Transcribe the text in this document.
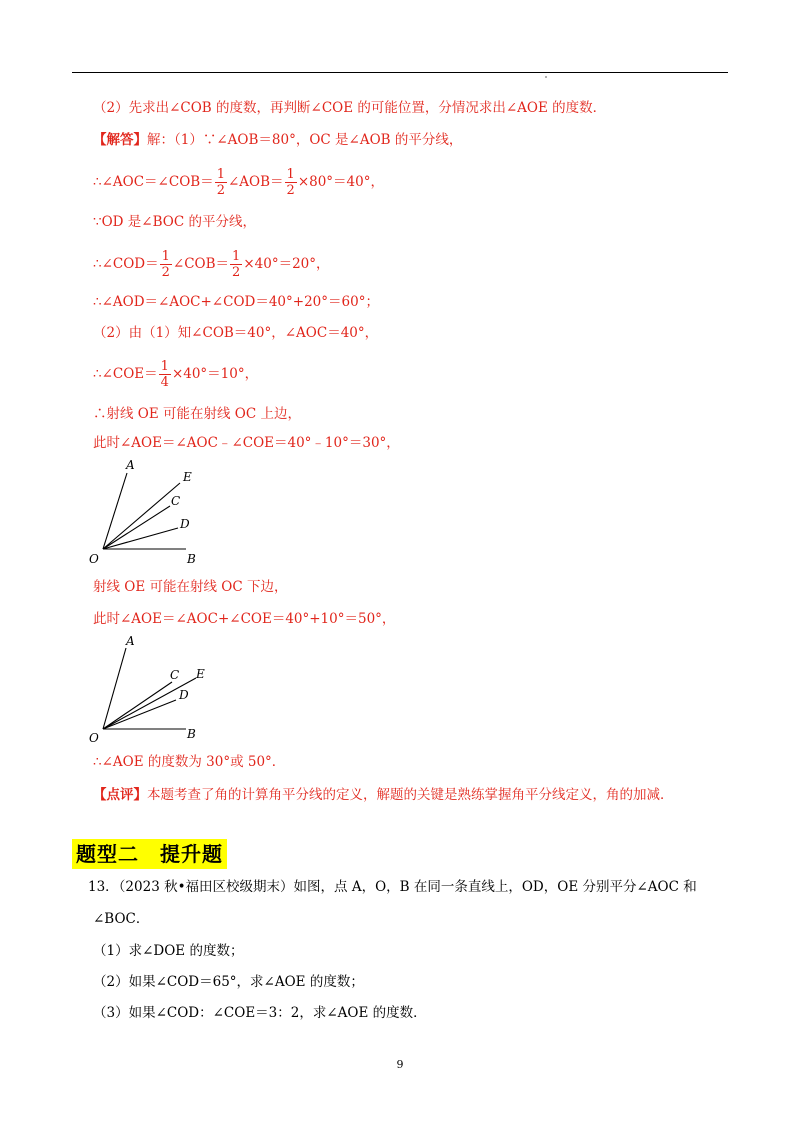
（2）先求出∠COB 的度数，再判断∠COE 的可能位置，分情况求出∠AOE 的度数．
【解答】解：（1）∵∠AOB＝80°，OC 是∠AOB 的平分线，
∴∠AOC＝∠COB＝ $\frac{1}{2}$ ∠AOB＝ $\frac{1}{2} \times 80^\circ=40^\circ$，
∵OD 是∠BOC 的平分线，
∴∠COD＝ $\frac{1}{2}$ ∠COB＝ $\frac{1}{2} \times 40^\circ=20^\circ$，
∴∠AOD＝∠AOC+∠COD＝40°+20°＝60°；
（2）由（1）知∠COB＝40°，∠AOC＝40°，
∴∠COE＝ $\frac{1}{4} \times 40^\circ=10^\circ$，
∴射线 OE 可能在射线 OC 上边，
此时∠AOE＝∠AOC﹣∠COE＝40°﹣10°＝30°，
A
E
C
D
O	B
射线 OE 可能在射线 OC 下边，
此时∠AOE＝∠AOC+∠COE＝40°+10°＝50°，
A
C E
D
O	B
∴∠AOE 的度数为 30°或 50°．
【点评】本题考查了角的计算角平分线的定义，解题的关键是熟练掌握角平分线定义，角的加减．
题型二　提升题
13．（2023 秋•福田区校级期末）如图，点 A，O，B 在同一条直线上，OD，OE 分别平分∠AOC 和
∠BOC．
（1）求∠DOE 的度数；
（2）如果∠COD＝65°，求∠AOE 的度数；
（3）如果∠COD：∠COE＝3：2，求∠AOE 的度数．
9
